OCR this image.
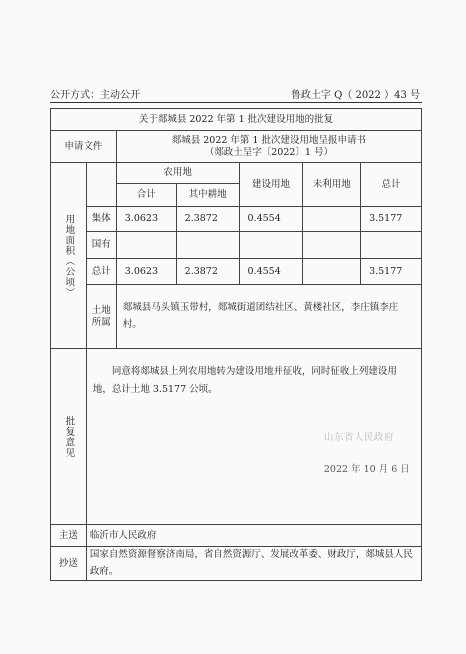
公开方式：主动公开	鲁政土字 Q（ 2022 ）43 号
关于郯城县 2022 年第 1 批次建设用地的批复						
申请文件		郯城县 2022 年第 1 批次建设用地呈报申请书
（郯政土呈字〔2022〕1 号）				

用地面积（公顷）		农用地		建设用地	未利用地	总计
		合计	其中耕地			
	集体	3.0623	2.3872	0.4554		3.5177
	国有					
	总计	3.0623	2.3872	0.4554		3.5177
	土地所属	郯城县马头镇玉带村，郯城街道团结社区、黄楼社区，李庄镇李庄村。				
批复意见	同意将郯城县上列农用地转为建设用地并征收，同时征收上列建设用地，总计土地 3.5177 公顷。
山东省人民政府
2022 年 10 月 6 日					

主送	临沂市人民政府					
抄送	国家自然资源督察济南局，省自然资源厅、发展改革委、财政厅，郯城县人民政府。					
